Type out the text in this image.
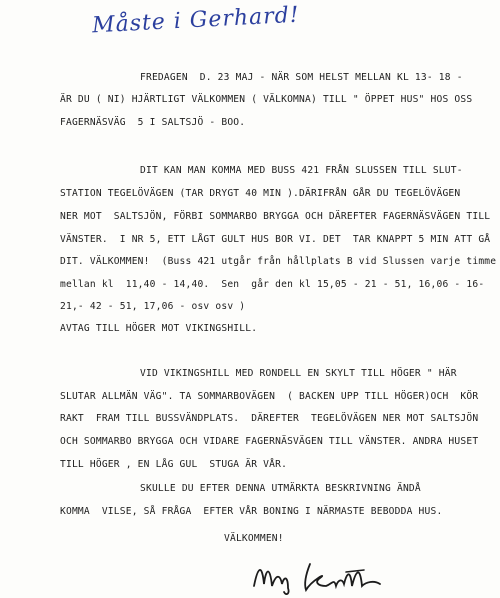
Måste i Gerhard!
FREDAGEN  D. 23 MAJ - NÄR SOM HELST MELLAN KL 13- 18 -
ÄR DU ( NI) HJÄRTLIGT VÄLKOMMEN ( VÄLKOMNA) TILL " ÖPPET HUS" HOS OSS
FAGERNÄSVÄG  5 I SALTSJÖ - BOO.
DIT KAN MAN KOMMA MED BUSS 421 FRÅN SLUSSEN TILL SLUT-
STATION TEGELÖVÄGEN (TAR DRYGT 40 MIN ).DÄRIFRÅN GÅR DU TEGELÖVÄGEN
NER MOT  SALTSJÖN, FÖRBI SOMMARBO BRYGGA OCH DÄREFTER FAGERNÄSVÄGEN TILL
VÄNSTER.  I NR 5, ETT LÅGT GULT HUS BOR VI. DET  TAR KNAPPT 5 MIN ATT GÅ
DIT. VÄLKOMMEN!  (Buss 421 utgår från hållplats B vid Slussen varje timme
mellan kl  11,40 - 14,40.  Sen  går den kl 15,05 - 21 - 51, 16,06 - 16-
21,- 42 - 51, 17,06 - osv osv )
AVTAG TILL HÖGER MOT VIKINGSHILL.
VID VIKINGSHILL MED RONDELL EN SKYLT TILL HÖGER " HÄR
SLUTAR ALLMÄN VÄG". TA SOMMARBOVÄGEN  ( BACKEN UPP TILL HÖGER)OCH  KÖR
RAKT  FRAM TILL BUSSVÄNDPLATS.  DÄREFTER  TEGELÖVÄGEN NER MOT SALTSJÖN
OCH SOMMARBO BRYGGA OCH VIDARE FAGERNÄSVÄGEN TILL VÄNSTER. ANDRA HUSET
TILL HÖGER , EN LÅG GUL  STUGA ÄR VÅR.
SKULLE DU EFTER DENNA UTMÄRKTA BESKRIVNING ÄNDÅ
KOMMA  VILSE, SÅ FRÅGA  EFTER VÅR BONING I NÄRMASTE BEBODDA HUS.
VÄLKOMMEN!
